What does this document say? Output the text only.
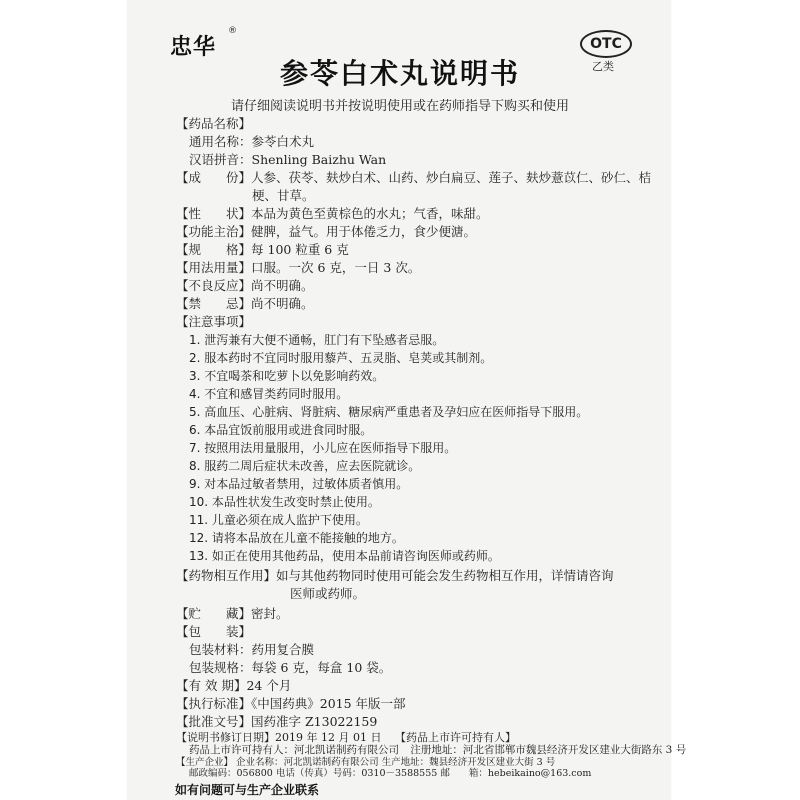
忠华
®
OTC
乙类
参苓白术丸说明书
请仔细阅读说明书并按说明使用或在药师指导下购买和使用
【药品名称】
通用名称：参苓白术丸
汉语拼音：Shenling Baizhu Wan
【成　　份】人参、茯苓、麸炒白术、山药、炒白扁豆、莲子、麸炒薏苡仁、砂仁、桔
梗、甘草。
【性　　状】本品为黄色至黄棕色的水丸；气香，味甜。
【功能主治】健脾，益气。用于体倦乏力，食少便溏。
【规　　格】每 100 粒重 6 克
【用法用量】口服。一次 6 克，一日 3 次。
【不良反应】尚不明确。
【禁　　忌】尚不明确。
【注意事项】
1. 泄泻兼有大便不通畅，肛门有下坠感者忌服。
2. 服本药时不宜同时服用藜芦、五灵脂、皂荚或其制剂。
3. 不宜喝茶和吃萝卜以免影响药效。
4. 不宜和感冒类药同时服用。
5. 高血压、心脏病、肾脏病、糖尿病严重患者及孕妇应在医师指导下服用。
6. 本品宜饭前服用或进食同时服。
7. 按照用法用量服用，小儿应在医师指导下服用。
8. 服药二周后症状未改善，应去医院就诊。
9. 对本品过敏者禁用，过敏体质者慎用。
10. 本品性状发生改变时禁止使用。
11. 儿童必须在成人监护下使用。
12. 请将本品放在儿童不能接触的地方。
13. 如正在使用其他药品，使用本品前请咨询医师或药师。
【药物相互作用】如与其他药物同时使用可能会发生药物相互作用，详情请咨询
医师或药师。
【贮　　藏】密封。
【包　　装】
包装材料：药用复合膜
包装规格：每袋 6 克，每盒 10 袋。
【有 效 期】24 个月
【执行标准】《中国药典》2015 年版一部
【批准文号】国药准字 Z13022159
【说明书修订日期】2019 年 12 月 01 日 【药品上市许可持有人】
药品上市许可持有人：河北凯诺制药有限公司 注册地址：河北省邯郸市魏县经济开发区建业大街路东 3 号
【生产企业】 企业名称：河北凯诺制药有限公司 生产地址：魏县经济开发区建业大街 3 号
邮政编码：056800 电话（传真）号码：0310－3588555 邮　　箱：hebeikaino@163.com
如有问题可与生产企业联系
